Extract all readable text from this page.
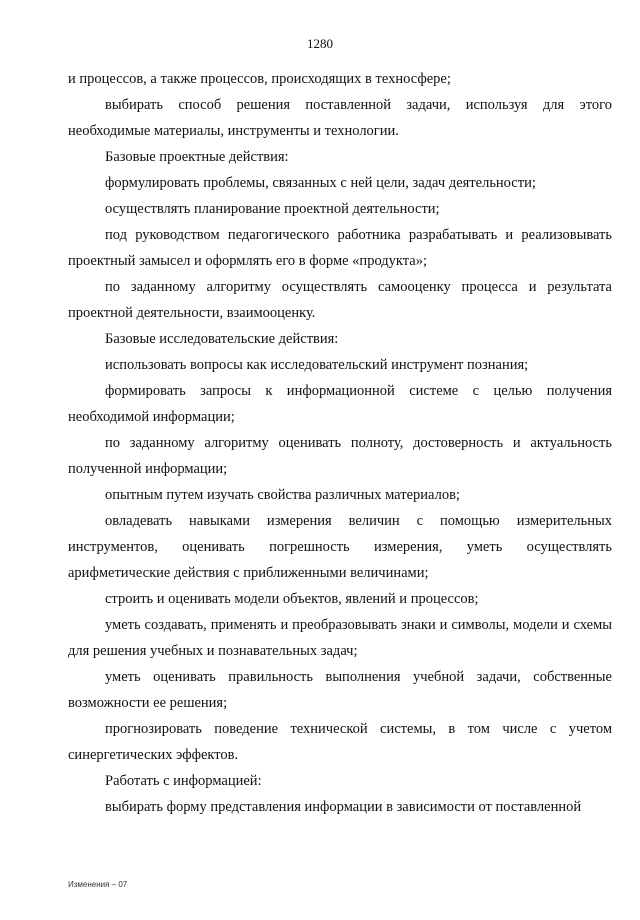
1280

и процессов, а также процессов, происходящих в техносфере;

выбирать способ решения поставленной задачи, используя для этого необходимые материалы, инструменты и технологии.

Базовые проектные действия:

формулировать проблемы, связанных с ней цели, задач деятельности;

осуществлять планирование проектной деятельности;

под руководством педагогического работника разрабатывать и реализовывать проектный замысел и оформлять его в форме «продукта»;

по заданному алгоритму осуществлять самооценку процесса и результата проектной деятельности, взаимооценку.

Базовые исследовательские действия:

использовать вопросы как исследовательский инструмент познания;

формировать запросы к информационной системе с целью получения необходимой информации;

по заданному алгоритму оценивать полноту, достоверность и актуальность полученной информации;

опытным путем изучать свойства различных материалов;

овладевать навыками измерения величин с помощью измерительных инструментов, оценивать погрешность измерения, уметь осуществлять арифметические действия с приближенными величинами;

строить и оценивать модели объектов, явлений и процессов;

уметь создавать, применять и преобразовывать знаки и символы, модели и схемы для решения учебных и познавательных задач;

уметь оценивать правильность выполнения учебной задачи, собственные возможности ее решения;

прогнозировать поведение технической системы, в том числе с учетом синергетических эффектов.

Работать с информацией:

выбирать форму представления информации в зависимости от поставленной

Изменения – 07
